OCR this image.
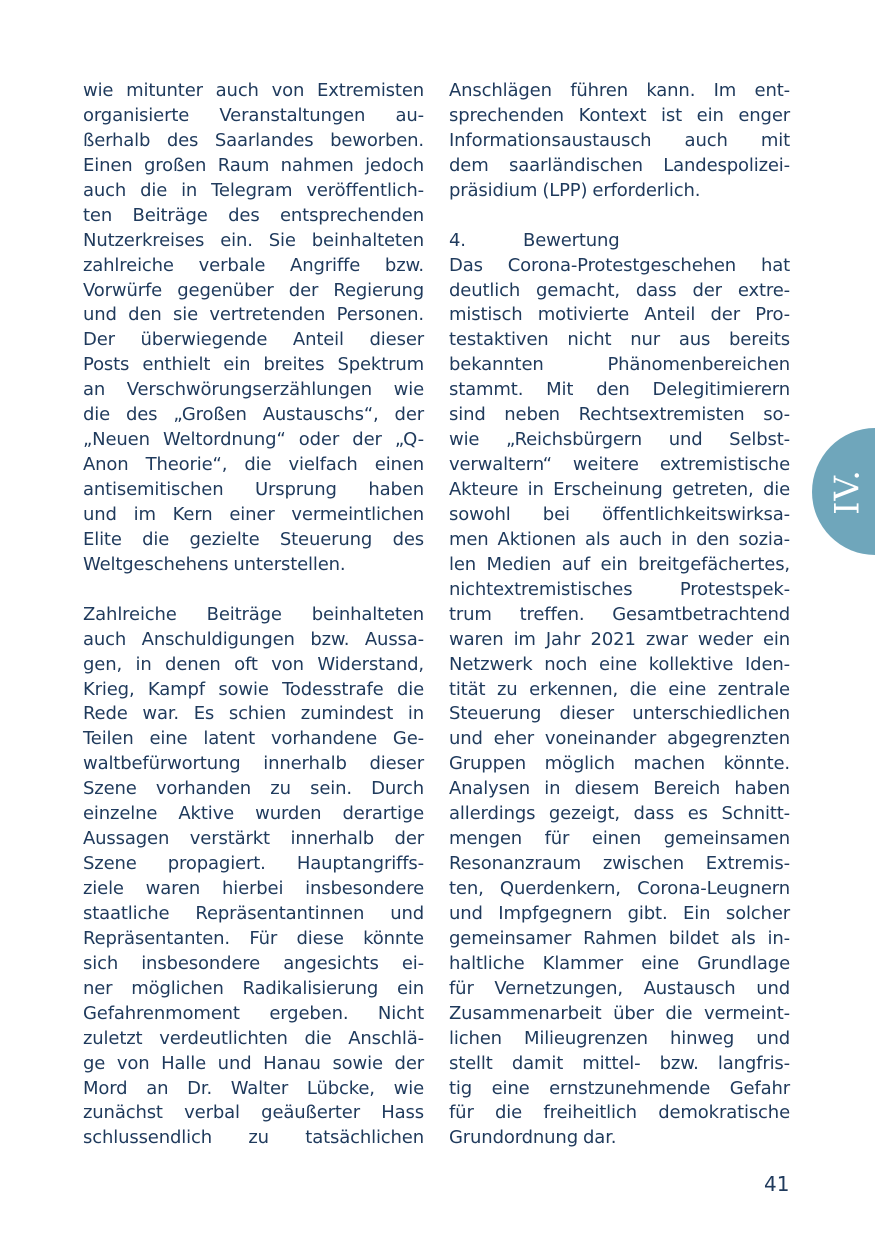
wie mitunter auch von Extremisten
organisierte Veranstaltungen au-
ßerhalb des Saarlandes beworben.
Einen großen Raum nahmen jedoch
auch die in Telegram veröffentlich-
ten Beiträge des entsprechenden
Nutzerkreises ein. Sie beinhalteten
zahlreiche verbale Angriffe bzw.
Vorwürfe gegenüber der Regierung
und den sie vertretenden Personen.
Der überwiegende Anteil dieser
Posts enthielt ein breites Spektrum
an Verschwörungserzählungen wie
die des „Großen Austauschs“, der
„Neuen Weltordnung“ oder der „Q-
Anon Theorie“, die vielfach einen
antisemitischen Ursprung haben
und im Kern einer vermeintlichen
Elite die gezielte Steuerung des
Weltgeschehens unterstellen.
Zahlreiche Beiträge beinhalteten
auch Anschuldigungen bzw. Aussa-
gen, in denen oft von Widerstand,
Krieg, Kampf sowie Todesstrafe die
Rede war. Es schien zumindest in
Teilen eine latent vorhandene Ge-
waltbefürwortung innerhalb dieser
Szene vorhanden zu sein. Durch
einzelne Aktive wurden derartige
Aussagen verstärkt innerhalb der
Szene propagiert. Hauptangriffs-
ziele waren hierbei insbesondere
staatliche Repräsentantinnen und
Repräsentanten. Für diese könnte
sich insbesondere angesichts ei-
ner möglichen Radikalisierung ein
Gefahrenmoment ergeben. Nicht
zuletzt verdeutlichten die Anschlä-
ge von Halle und Hanau sowie der
Mord an Dr. Walter Lübcke, wie
zunächst verbal geäußerter Hass
schlussendlich zu tatsächlichen
Anschlägen führen kann. Im ent-
sprechenden Kontext ist ein enger
Informationsaustausch auch mit
dem saarländischen Landespolizei-
präsidium (LPP) erforderlich.
4.	Bewertung
Das Corona-Protestgeschehen hat
deutlich gemacht, dass der extre-
mistisch motivierte Anteil der Pro-
testaktiven nicht nur aus bereits
bekannten Phänomenbereichen
stammt. Mit den Delegitimierern
sind neben Rechtsextremisten so-
wie „Reichsbürgern und Selbst-
verwaltern“ weitere extremistische
Akteure in Erscheinung getreten, die
sowohl bei öffentlichkeitswirksa-
men Aktionen als auch in den sozia-
len Medien auf ein breitgefächertes,
nichtextremistisches Protestspek-
trum treffen. Gesamtbetrachtend
waren im Jahr 2021 zwar weder ein
Netzwerk noch eine kollektive Iden-
tität zu erkennen, die eine zentrale
Steuerung dieser unterschiedlichen
und eher voneinander abgegrenzten
Gruppen möglich machen könnte.
Analysen in diesem Bereich haben
allerdings gezeigt, dass es Schnitt-
mengen für einen gemeinsamen
Resonanzraum zwischen Extremis-
ten, Querdenkern, Corona-Leugnern
und Impfgegnern gibt. Ein solcher
gemeinsamer Rahmen bildet als in-
haltliche Klammer eine Grundlage
für Vernetzungen, Austausch und
Zusammenarbeit über die vermeint-
lichen Milieugrenzen hinweg und
stellt damit mittel- bzw. langfris-
tig eine ernstzunehmende Gefahr
für die freiheitlich demokratische
Grundordnung dar.
IV.
41
